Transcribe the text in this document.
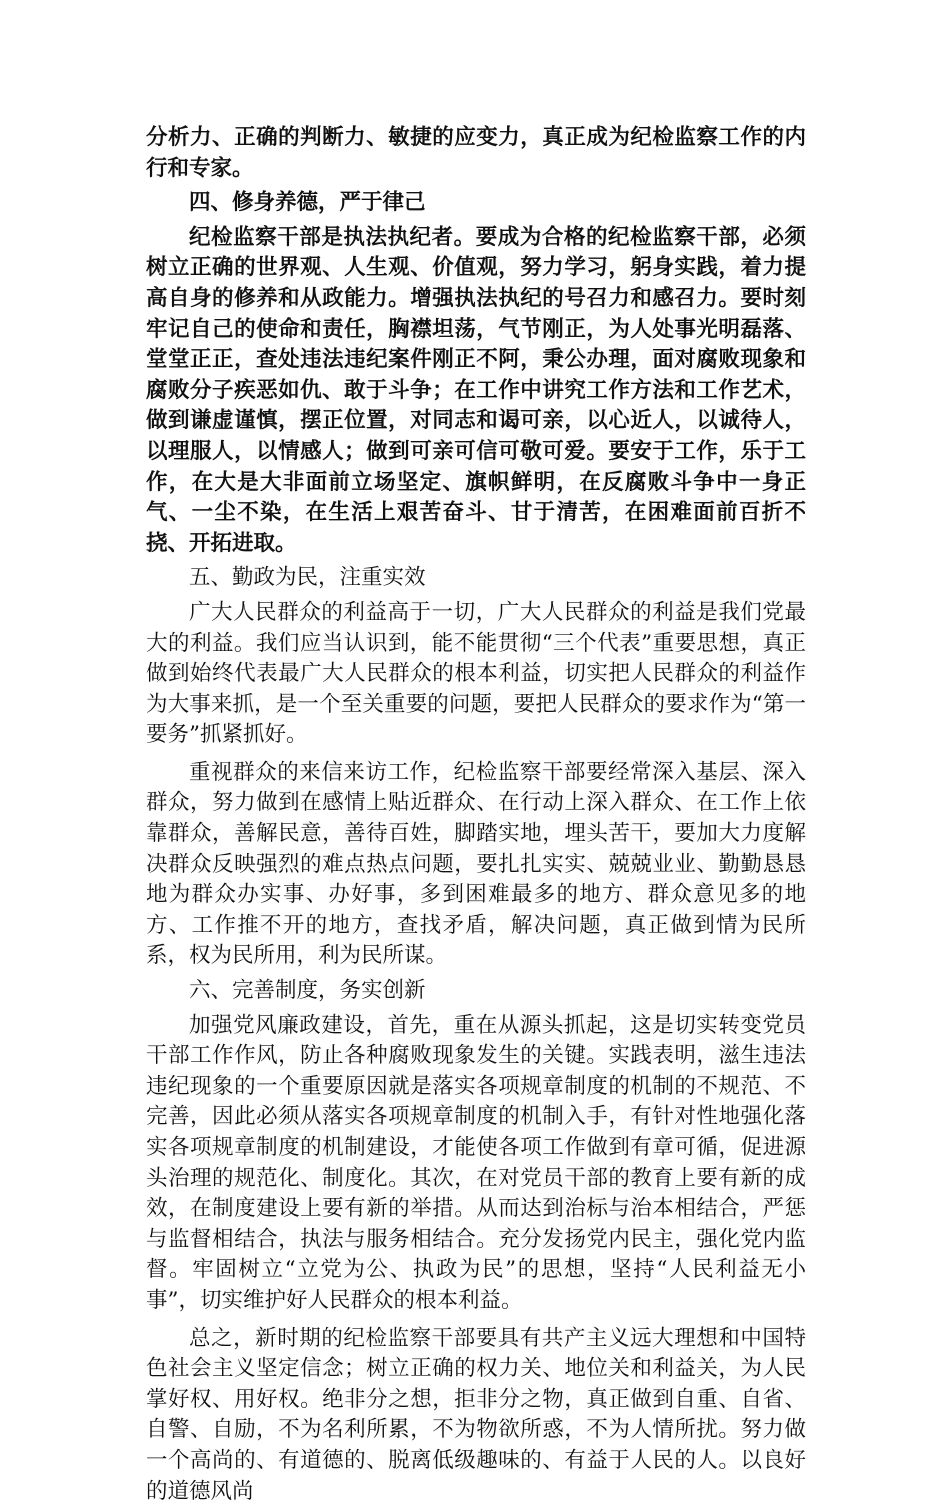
分析力、正确的判断力、敏捷的应变力，真正成为纪检监察工作的内行和专家。

四、修身养德，严于律己

纪检监察干部是执法执纪者。要成为合格的纪检监察干部，必须树立正确的世界观、人生观、价值观，努力学习，躬身实践，着力提高自身的修养和从政能力。增强执法执纪的号召力和感召力。要时刻牢记自己的使命和责任，胸襟坦荡，气节刚正，为人处事光明磊落、堂堂正正，查处违法违纪案件刚正不阿，秉公办理，面对腐败现象和腐败分子疾恶如仇、敢于斗争；在工作中讲究工作方法和工作艺术，做到谦虚谨慎，摆正位置，对同志和谒可亲，以心近人，以诚待人，以理服人，以情感人；做到可亲可信可敬可爱。要安于工作，乐于工作，在大是大非面前立场坚定、旗帜鲜明，在反腐败斗争中一身正气、一尘不染，在生活上艰苦奋斗、甘于清苦，在困难面前百折不挠、开拓进取。

五、勤政为民，注重实效

广大人民群众的利益高于一切，广大人民群众的利益是我们党最大的利益。我们应当认识到，能不能贯彻“三个代表”重要思想，真正做到始终代表最广大人民群众的根本利益，切实把人民群众的利益作为大事来抓，是一个至关重要的问题，要把人民群众的要求作为“第一要务”抓紧抓好。

重视群众的来信来访工作，纪检监察干部要经常深入基层、深入群众，努力做到在感情上贴近群众、在行动上深入群众、在工作上依靠群众，善解民意，善待百姓，脚踏实地，埋头苦干，要加大力度解决群众反映强烈的难点热点问题，要扎扎实实、兢兢业业、勤勤恳恳地为群众办实事、办好事，多到困难最多的地方、群众意见多的地方、工作推不开的地方，查找矛盾，解决问题，真正做到情为民所系，权为民所用，利为民所谋。

六、完善制度，务实创新

加强党风廉政建设，首先，重在从源头抓起，这是切实转变党员干部工作作风，防止各种腐败现象发生的关键。实践表明，滋生违法违纪现象的一个重要原因就是落实各项规章制度的机制的不规范、不完善，因此必须从落实各项规章制度的机制入手，有针对性地强化落实各项规章制度的机制建设，才能使各项工作做到有章可循，促进源头治理的规范化、制度化。其次，在对党员干部的教育上要有新的成效，在制度建设上要有新的举措。从而达到治标与治本相结合，严惩与监督相结合，执法与服务相结合。充分发扬党内民主，强化党内监督。牢固树立“立党为公、执政为民”的思想，坚持“人民利益无小事”，切实维护好人民群众的根本利益。

总之，新时期的纪检监察干部要具有共产主义远大理想和中国特色社会主义坚定信念；树立正确的权力关、地位关和利益关，为人民掌好权、用好权。绝非分之想，拒非分之物，真正做到自重、自省、自警、自励，不为名利所累，不为物欲所惑，不为人情所扰。努力做一个高尚的、有道德的、脱离低级趣味的、有益于人民的人。以良好的道德风尚
